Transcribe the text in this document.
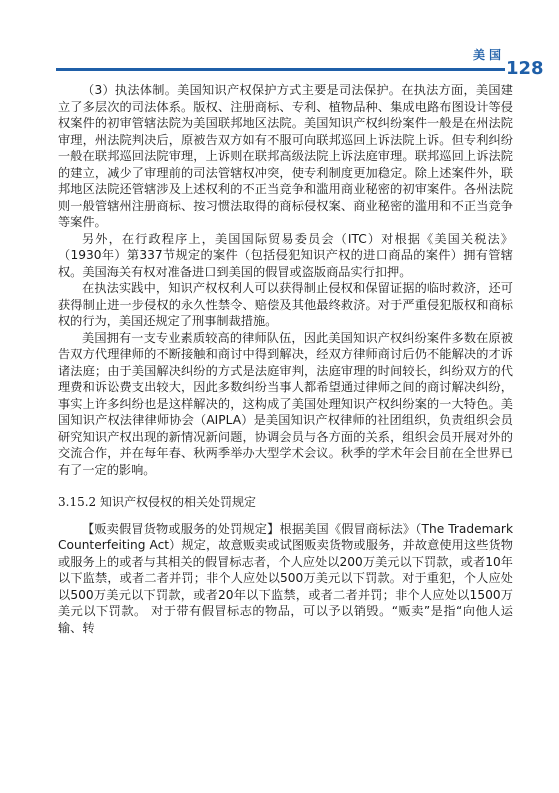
美国
128

（3）执法体制。美国知识产权保护方式主要是司法保护。在执法方面，美国建立了多层次的司法体系。版权、注册商标、专利、植物品种、集成电路布图设计等侵权案件的初审管辖法院为美国联邦地区法院。美国知识产权纠纷案件一般是在州法院审理，州法院判决后，原被告双方如有不服可向联邦巡回上诉法院上诉。但专利纠纷一般在联邦巡回法院审理，上诉则在联邦高级法院上诉法庭审理。联邦巡回上诉法院的建立，减少了审理前的司法管辖权冲突，使专利制度更加稳定。除上述案件外，联邦地区法院还管辖涉及上述权利的不正当竞争和滥用商业秘密的初审案件。各州法院则一般管辖州注册商标、按习惯法取得的商标侵权案、商业秘密的滥用和不正当竞争等案件。

另外，在行政程序上，美国国际贸易委员会（ITC）对根据《美国关税法》（1930年）第337节规定的案件（包括侵犯知识产权的进口商品的案件）拥有管辖权。美国海关有权对准备进口到美国的假冒或盗版商品实行扣押。

在执法实践中，知识产权权利人可以获得制止侵权和保留证据的临时救济，还可获得制止进一步侵权的永久性禁令、赔偿及其他最终救济。对于严重侵犯版权和商标权的行为，美国还规定了刑事制裁措施。

美国拥有一支专业素质较高的律师队伍，因此美国知识产权纠纷案件多数在原被告双方代理律师的不断接触和商讨中得到解决，经双方律师商讨后仍不能解决的才诉诸法庭；由于美国解决纠纷的方式是法庭审判，法庭审理的时间较长，纠纷双方的代理费和诉讼费支出较大，因此多数纠纷当事人都希望通过律师之间的商讨解决纠纷，事实上许多纠纷也是这样解决的，这构成了美国处理知识产权纠纷案的一大特色。美国知识产权法律律师协会（AIPLA）是美国知识产权律师的社团组织，负责组织会员研究知识产权出现的新情况新问题，协调会员与各方面的关系，组织会员开展对外的交流合作，并在每年春、秋两季举办大型学术会议。秋季的学术年会目前在全世界已有了一定的影响。

3.15.2 知识产权侵权的相关处罚规定

【贩卖假冒货物或服务的处罚规定】根据美国《假冒商标法》（The Trademark Counterfeiting Act）规定，故意贩卖或试图贩卖货物或服务，并故意使用这些货物或服务上的或者与其相关的假冒标志者，个人应处以200万美元以下罚款，或者10年以下监禁，或者二者并罚；非个人应处以500万美元以下罚款。对于重犯，个人应处以500万美元以下罚款，或者20年以下监禁，或者二者并罚；非个人应处以1500万美元以下罚款。 对于带有假冒标志的物品，可以予以销毁。“贩卖”是指“向他人运输、转
